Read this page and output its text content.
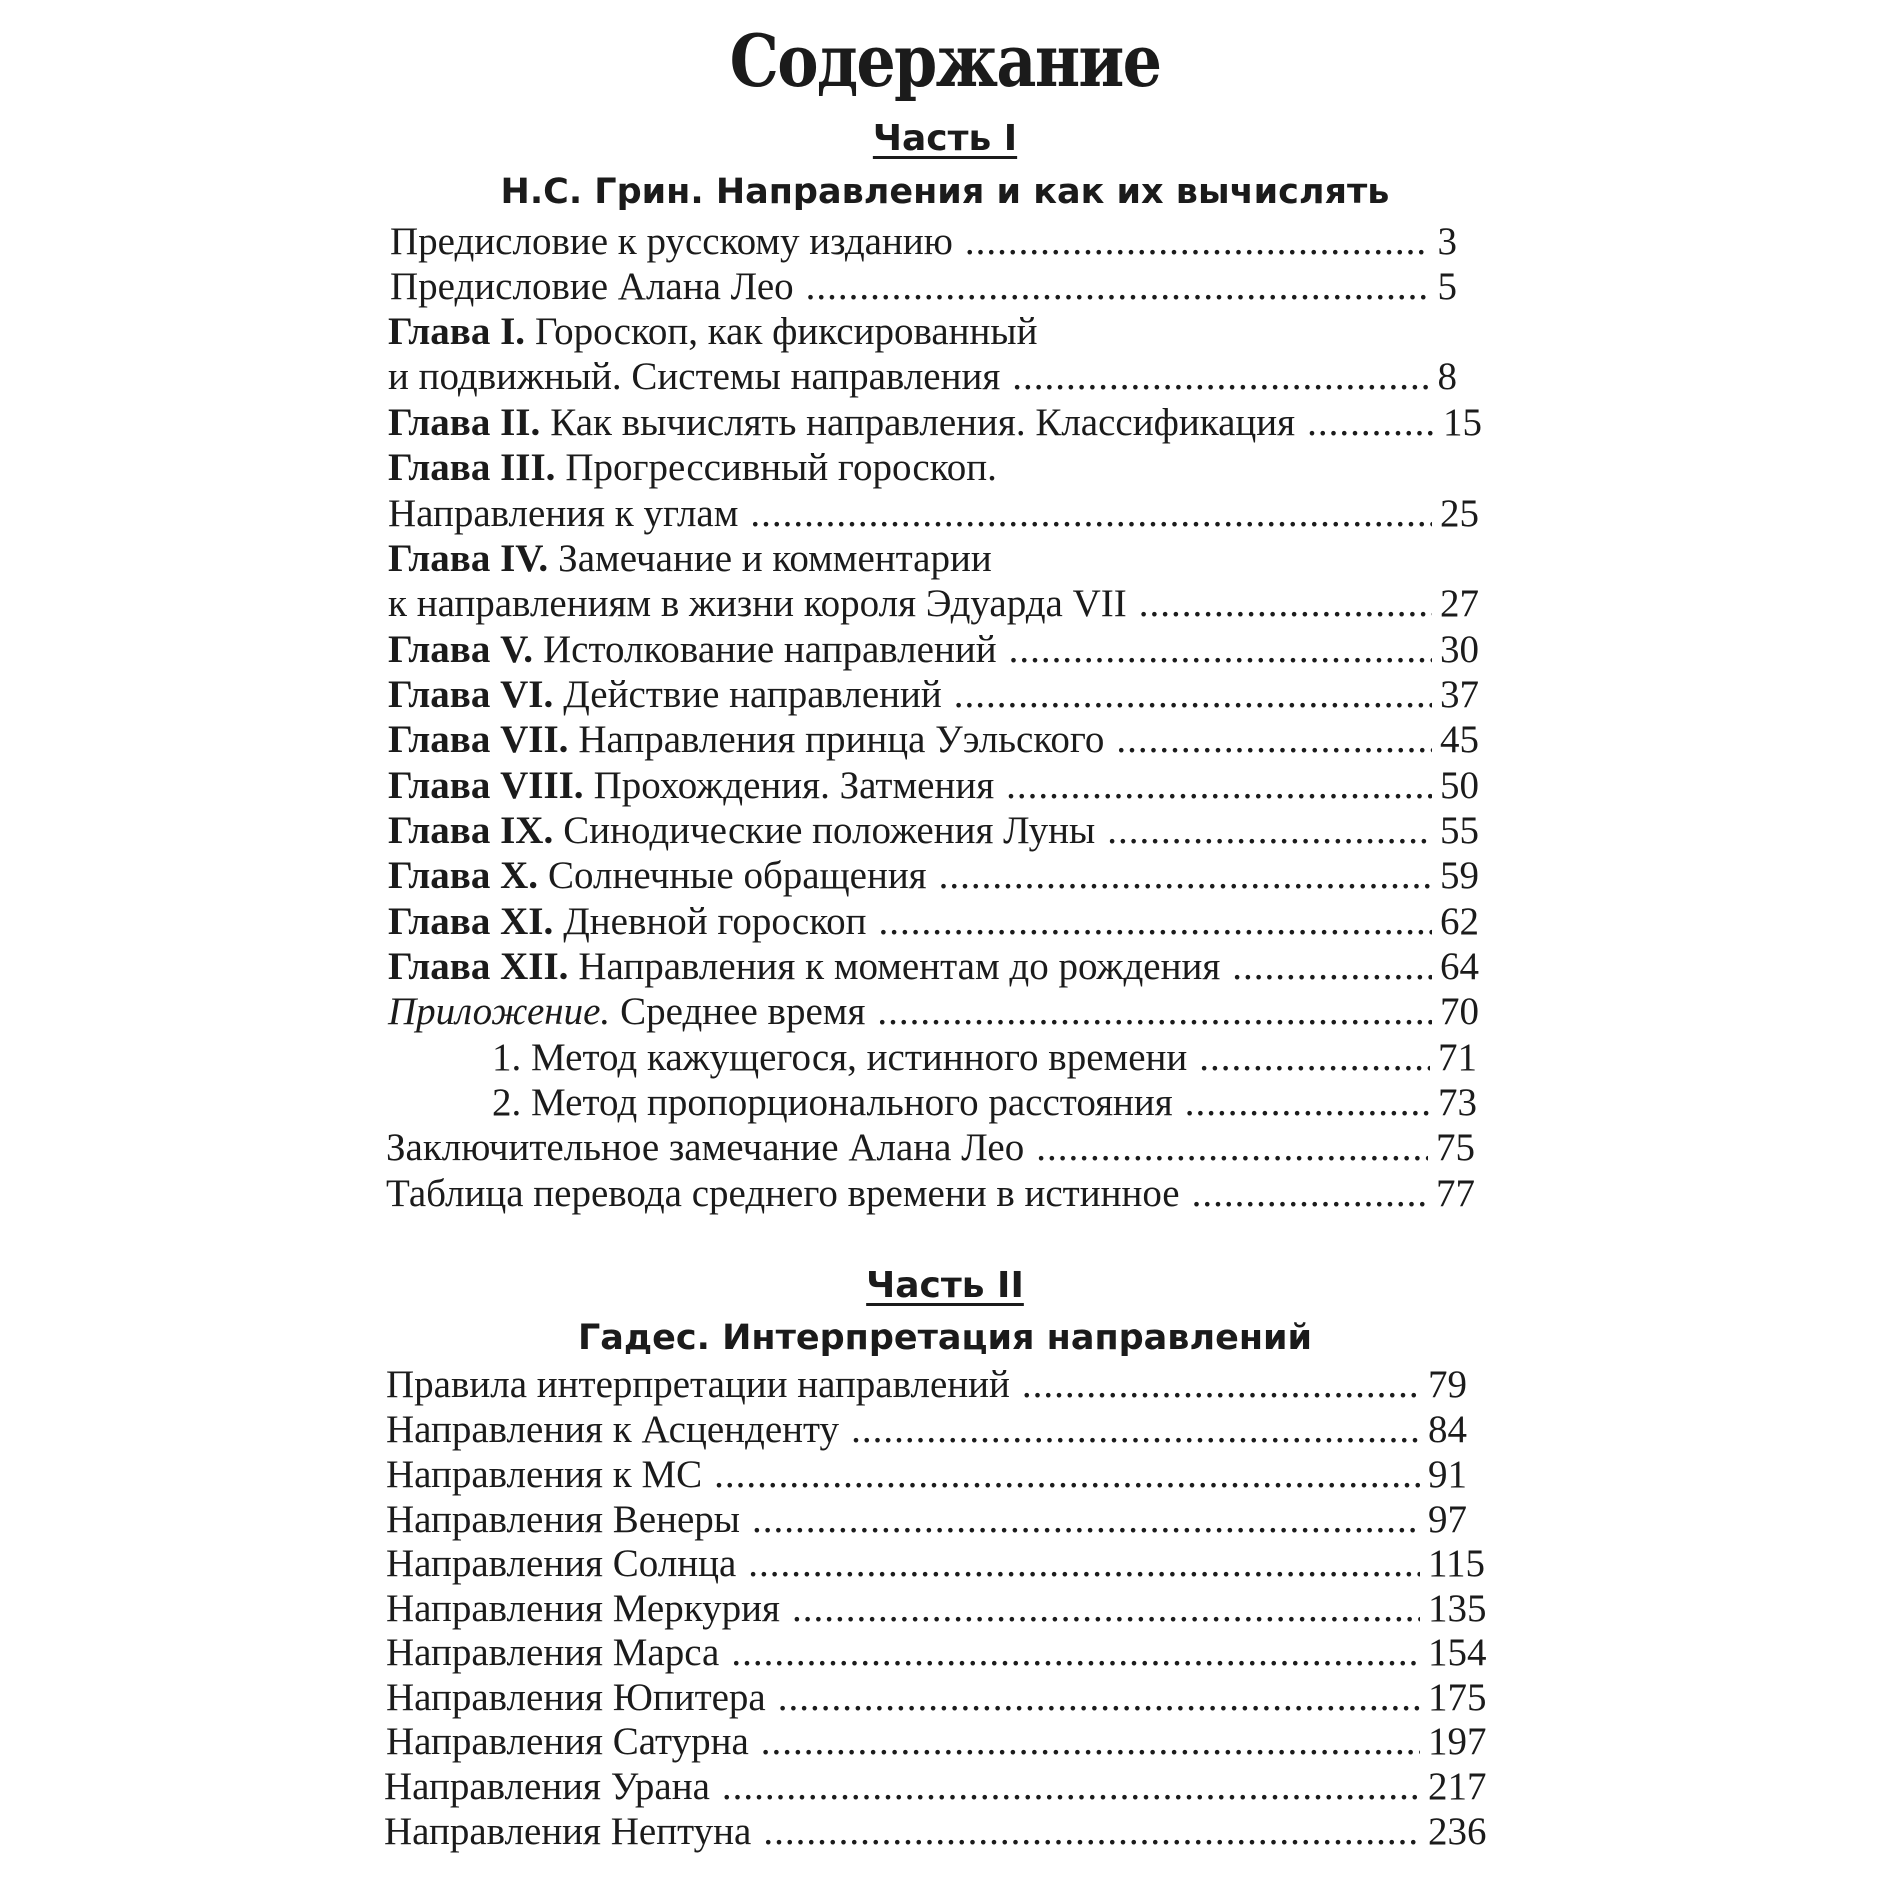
Содержание
Часть I
Н.С. Грин. Направления и как их вычислять
Предисловие к русскому изданию .....	3
Предисловие Алана Лео .....	5
Глава I. Гороскоп, как фиксированный
и подвижный. Системы направления .....	8
Глава II. Как вычислять направления. Классификация .....	15
Глава III. Прогрессивный гороскоп.
Направления к углам .....	25
Глава IV. Замечание и комментарии
к направлениям в жизни короля Эдуарда VII .....	27
Глава V. Истолкование направлений .....	30
Глава VI. Действие направлений .....	37
Глава VII. Направления принца Уэльского .....	45
Глава VIII. Прохождения. Затмения .....	50
Глава IX. Синодические положения Луны .....	55
Глава X. Солнечные обращения .....	59
Глава XI. Дневной гороскоп .....	62
Глава XII. Направления к моментам до рождения .....	64
Приложение. Среднее время .....	70
1. Метод кажущегося, истинного времени .....	71
2. Метод пропорционального расстояния .....	73
Заключительное замечание Алана Лео .....	75
Таблица перевода среднего времени в истинное .....	77
Часть II
Гадес. Интерпретация направлений
Правила интерпретации направлений .....	79
Направления к Асценденту .....	84
Направления к МС .....	91
Направления Венеры .....	97
Направления Солнца .....	115
Направления Меркурия .....	135
Направления Марса .....	154
Направления Юпитера .....	175
Направления Сатурна .....	197
Направления Урана .....	217
Направления Нептуна .....	236
